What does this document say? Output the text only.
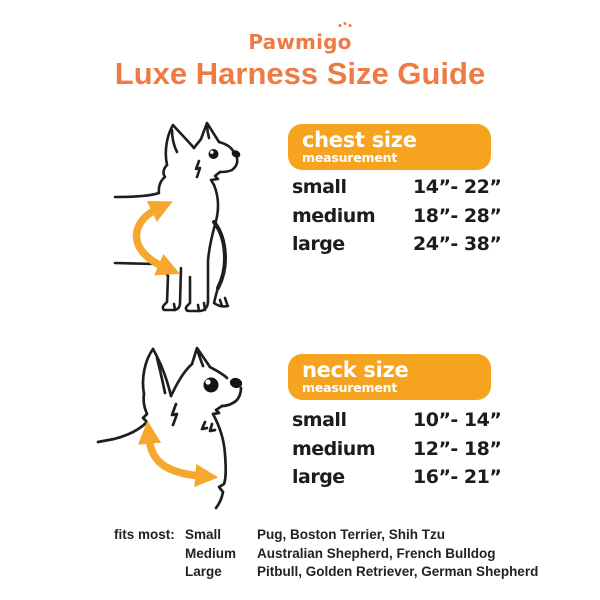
Pawmigo
Luxe Harness Size Guide
chest size
measurement
small	14”- 22”
medium	18”- 28”
large	24”- 38”
neck size
measurement
small	10”- 14”
medium	12”- 18”
large	16”- 21”
fits most: Small	Pug, Boston Terrier, Shih Tzu
Medium	Australian Shepherd, French Bulldog
Large	Pitbull, Golden Retriever, German Shepherd
